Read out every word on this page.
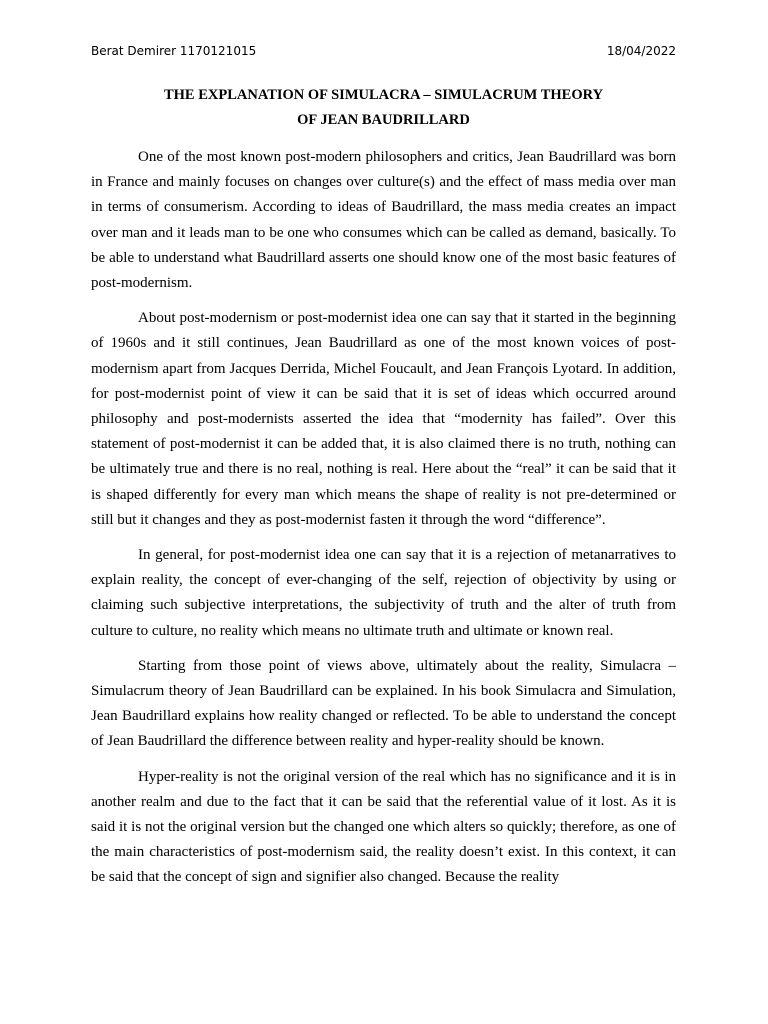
Berat Demirer 1170121015	18/04/2022
THE EXPLANATION OF SIMULACRA – SIMULACRUM THEORY
OF JEAN BAUDRILLARD

One of the most known post-modern philosophers and critics, Jean Baudrillard was born in France and mainly focuses on changes over culture(s) and the effect of mass media over man in terms of consumerism. According to ideas of Baudrillard, the mass media creates an impact over man and it leads man to be one who consumes which can be called as demand, basically. To be able to understand what Baudrillard asserts one should know one of the most basic features of post-modernism.

About post-modernism or post-modernist idea one can say that it started in the beginning of 1960s and it still continues, Jean Baudrillard as one of the most known voices of post-modernism apart from Jacques Derrida, Michel Foucault, and Jean François Lyotard. In addition, for post-modernist point of view it can be said that it is set of ideas which occurred around philosophy and post-modernists asserted the idea that “modernity has failed”. Over this statement of post-modernist it can be added that, it is also claimed there is no truth, nothing can be ultimately true and there is no real, nothing is real. Here about the “real” it can be said that it is shaped differently for every man which means the shape of reality is not pre-determined or still but it changes and they as post-modernist fasten it through the word “difference”.

In general, for post-modernist idea one can say that it is a rejection of metanarratives to explain reality, the concept of ever-changing of the self, rejection of objectivity by using or claiming such subjective interpretations, the subjectivity of truth and the alter of truth from culture to culture, no reality which means no ultimate truth and ultimate or known real.

Starting from those point of views above, ultimately about the reality, Simulacra – Simulacrum theory of Jean Baudrillard can be explained. In his book Simulacra and Simulation, Jean Baudrillard explains how reality changed or reflected. To be able to understand the concept of Jean Baudrillard the difference between reality and hyper-reality should be known.

Hyper-reality is not the original version of the real which has no significance and it is in another realm and due to the fact that it can be said that the referential value of it lost. As it is said it is not the original version but the changed one which alters so quickly; therefore, as one of the main characteristics of post-modernism said, the reality doesn’t exist. In this context, it can be said that the concept of sign and signifier also changed. Because the reality
